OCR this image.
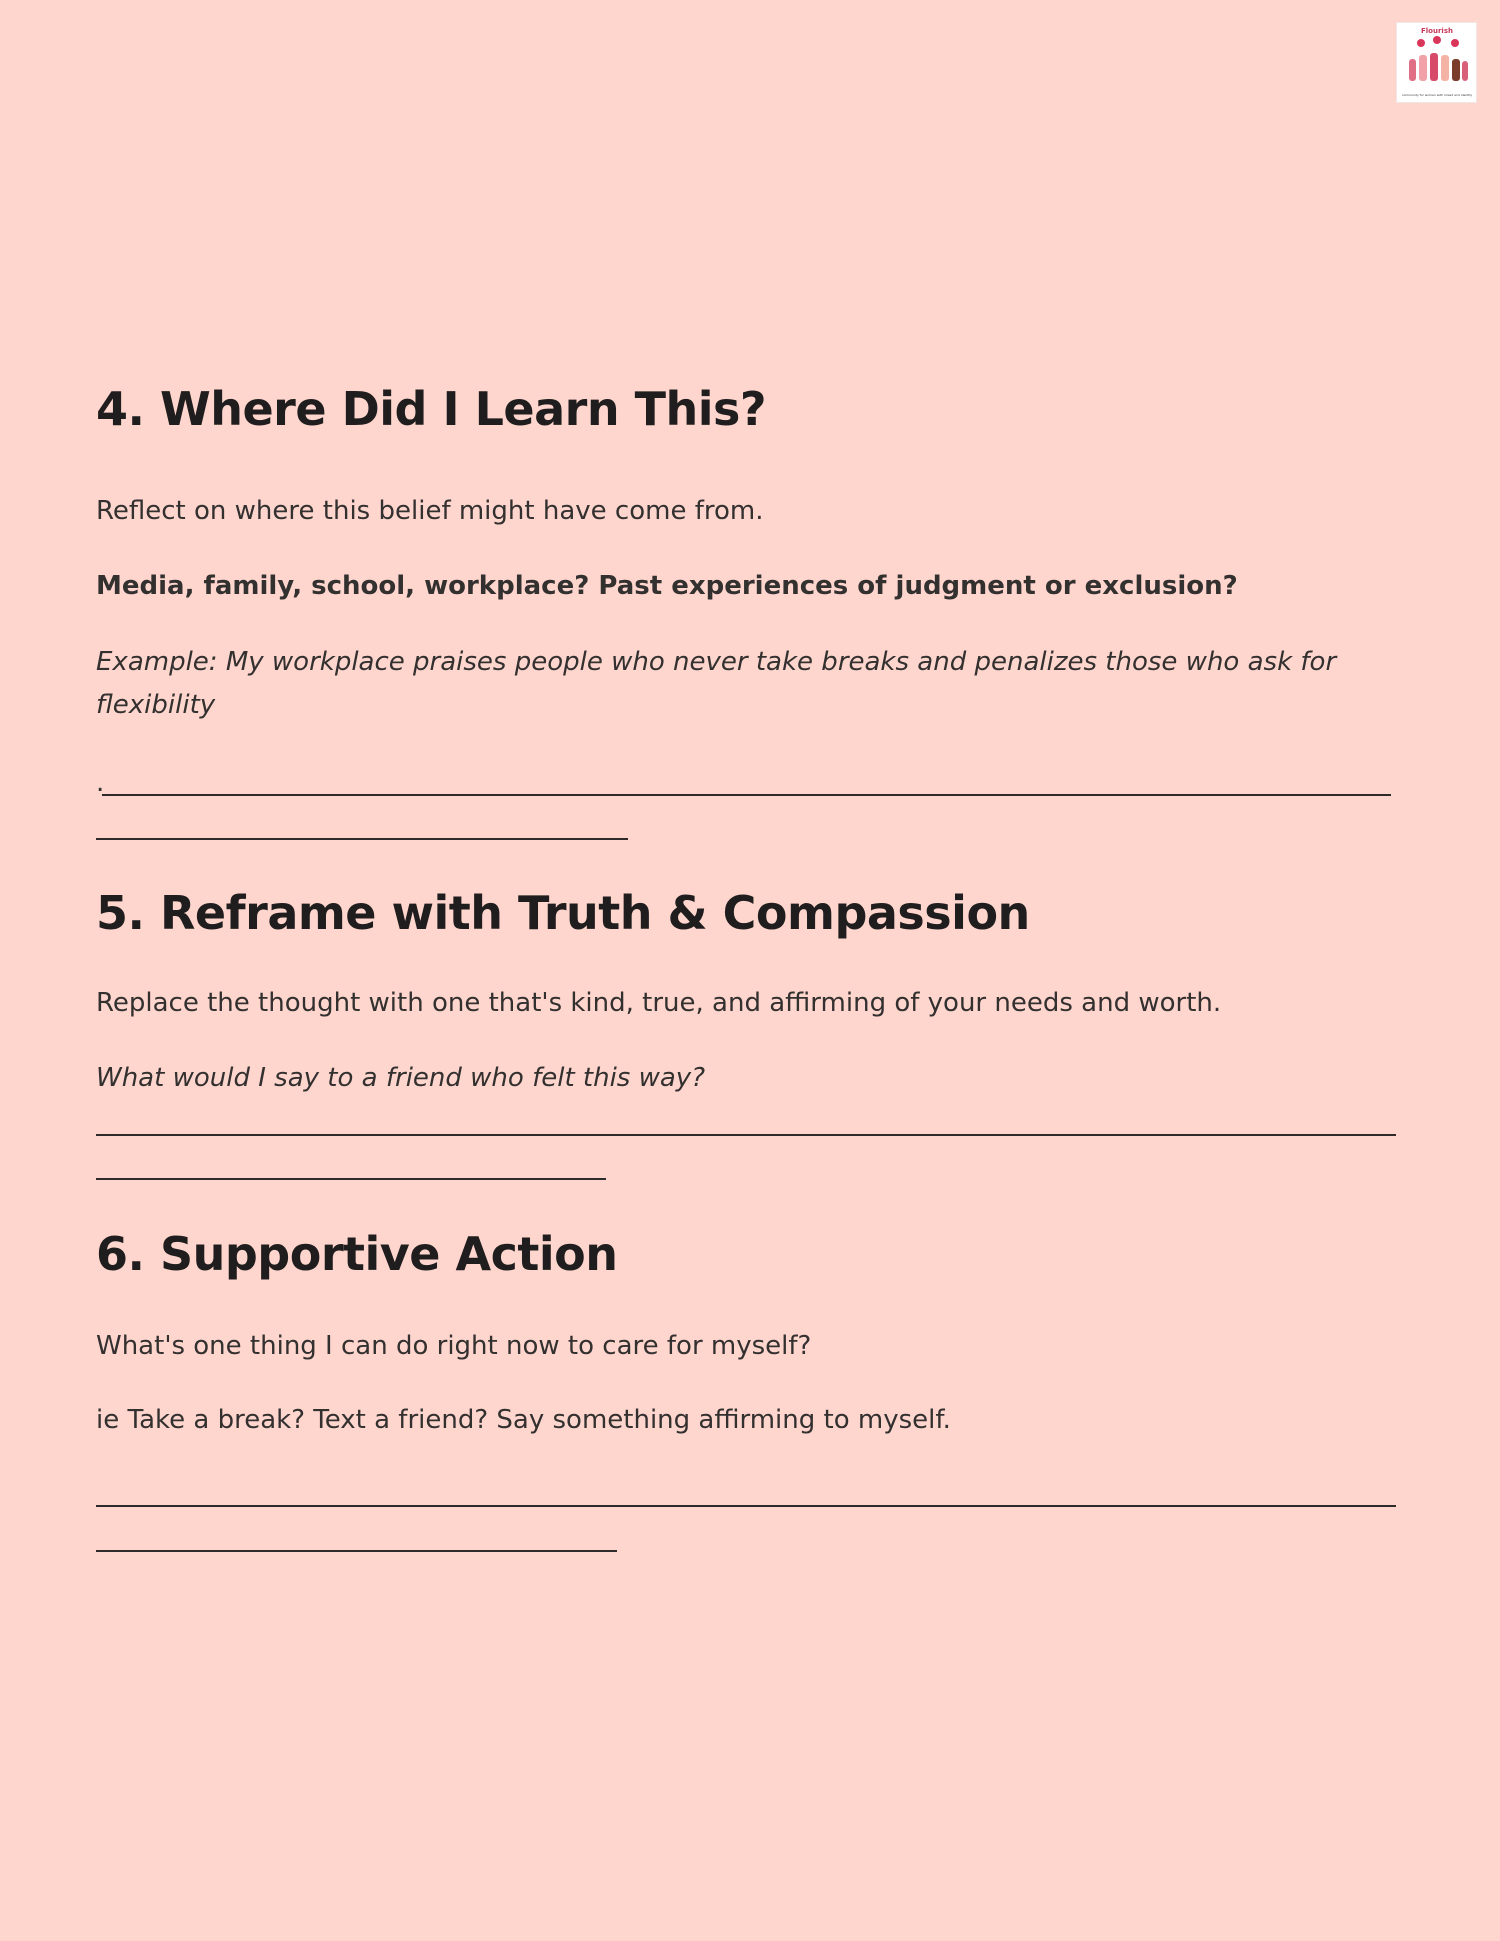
Flourish
community for women with mixed and identity
4. Where Did I Learn This?

Reflect on where this belief might have come from.

Media, family, school, workplace? Past experiences of judgment or exclusion?

Example: My workplace praises people who never take breaks and penalizes those who ask for flexibility

.
5. Reframe with Truth & Compassion

Replace the thought with one that's kind, true, and affirming of your needs and worth.

What would I say to a friend who felt this way?

6. Supportive Action

What's one thing I can do right now to care for myself?

ie Take a break? Text a friend? Say something affirming to myself.
